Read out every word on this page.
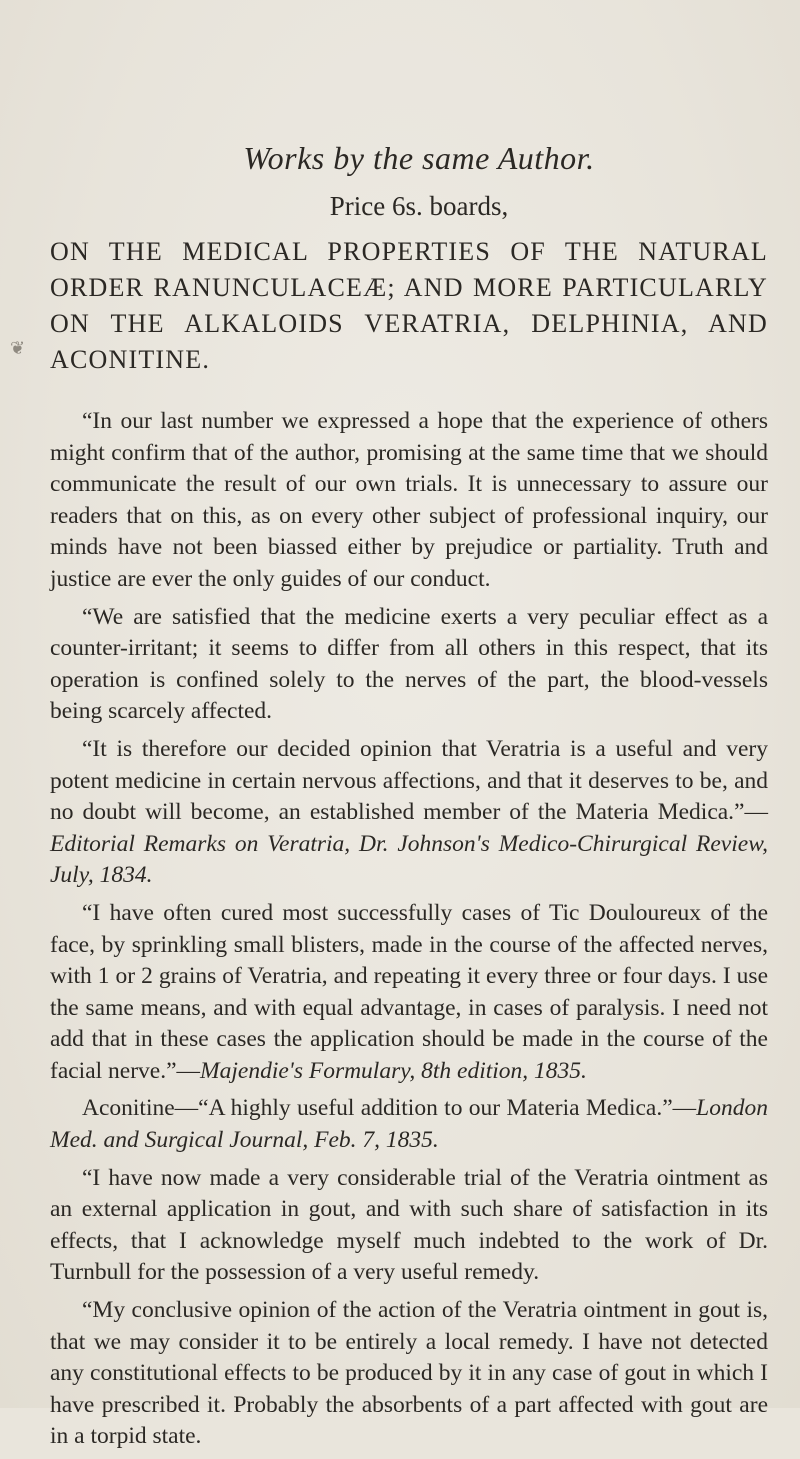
❦
Works by the same Author.
Price 6s. boards,
ON THE MEDICAL PROPERTIES OF THE NATURAL ORDER RANUNCULACEÆ; AND MORE PARTICULARLY ON THE ALKALOIDS VERATRIA, DELPHINIA, AND ACONITINE.

“In our last number we expressed a hope that the experience of others might confirm that of the author, promising at the same time that we should communicate the result of our own trials. It is unnecessary to assure our readers that on this, as on every other subject of professional inquiry, our minds have not been biassed either by prejudice or partiality. Truth and justice are ever the only guides of our conduct.

“We are satisfied that the medicine exerts a very peculiar effect as a counter-irritant; it seems to differ from all others in this respect, that its operation is confined solely to the nerves of the part, the blood-vessels being scarcely affected.

“It is therefore our decided opinion that Veratria is a useful and very potent medicine in certain nervous affections, and that it deserves to be, and no doubt will become, an established member of the Materia Medica.”—Editorial Remarks on Veratria, Dr. Johnson's Medico-Chirurgical Review, July, 1834.

“I have often cured most successfully cases of Tic Douloureux of the face, by sprinkling small blisters, made in the course of the affected nerves, with 1 or 2 grains of Veratria, and repeating it every three or four days. I use the same means, and with equal advantage, in cases of paralysis. I need not add that in these cases the application should be made in the course of the facial nerve.”—Majendie's Formulary, 8th edition, 1835.

Aconitine—“A highly useful addition to our Materia Medica.”—London Med. and Surgical Journal, Feb. 7, 1835.

“I have now made a very considerable trial of the Veratria ointment as an external application in gout, and with such share of satisfaction in its effects, that I acknowledge myself much indebted to the work of Dr. Turnbull for the possession of a very useful remedy.

“My conclusive opinion of the action of the Veratria ointment in gout is, that we may consider it to be entirely a local remedy. I have not detected any constitutional effects to be produced by it in any case of gout in which I have prescribed it. Probably the absorbents of a part affected with gout are in a torpid state.
